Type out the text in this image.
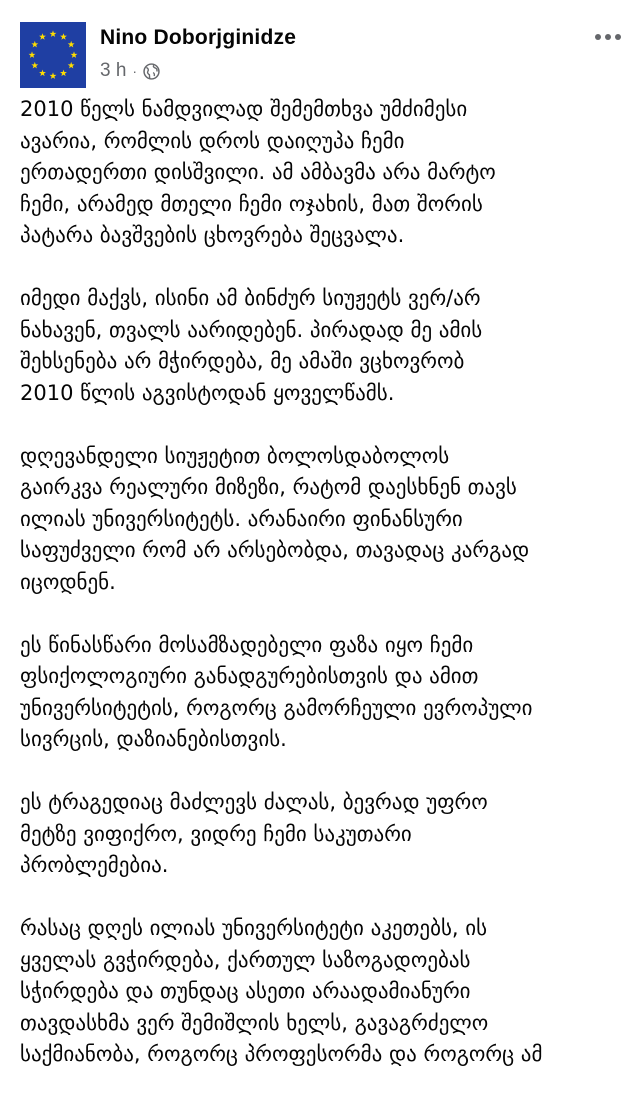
Nino Doborjginidze
3 h ·

2010 წელს ნამდვილად შემემთხვა უმძიმესი
ავარია, რომლის დროს დაიღუპა ჩემი
ერთადერთი დისშვილი. ამ ამბავმა არა მარტო
ჩემი, არამედ მთელი ჩემი ოჯახის, მათ შორის
პატარა ბავშვების ცხოვრება შეცვალა.

იმედი მაქვს, ისინი ამ ბინძურ სიუჟეტს ვერ/არ
ნახავენ, თვალს აარიდებენ. პირადად მე ამის
შეხსენება არ მჭირდება, მე ამაში ვცხოვრობ
2010 წლის აგვისტოდან ყოველწამს.

დღევანდელი სიუჟეტით ბოლოსდაბოლოს
გაირკვა რეალური მიზეზი, რატომ დაესხნენ თავს
ილიას უნივერსიტეტს. არანაირი ფინანსური
საფუძველი რომ არ არსებობდა, თავადაც კარგად
იცოდნენ.

ეს წინასწარი მოსამზადებელი ფაზა იყო ჩემი
ფსიქოლოგიური განადგურებისთვის და ამით
უნივერსიტეტის, როგორც გამორჩეული ევროპული
სივრცის, დაზიანებისთვის.

ეს ტრაგედიაც მაძლევს ძალას, ბევრად უფრო
მეტზე ვიფიქრო, ვიდრე ჩემი საკუთარი
პრობლემებია.

რასაც დღეს ილიას უნივერსიტეტი აკეთებს, ის
ყველას გვჭირდება, ქართულ საზოგადოებას
სჭირდება და თუნდაც ასეთი არაადამიანური
თავდასხმა ვერ შემიშლის ხელს, გავაგრძელო
საქმიანობა, როგორც პროფესორმა და როგორც ამ
